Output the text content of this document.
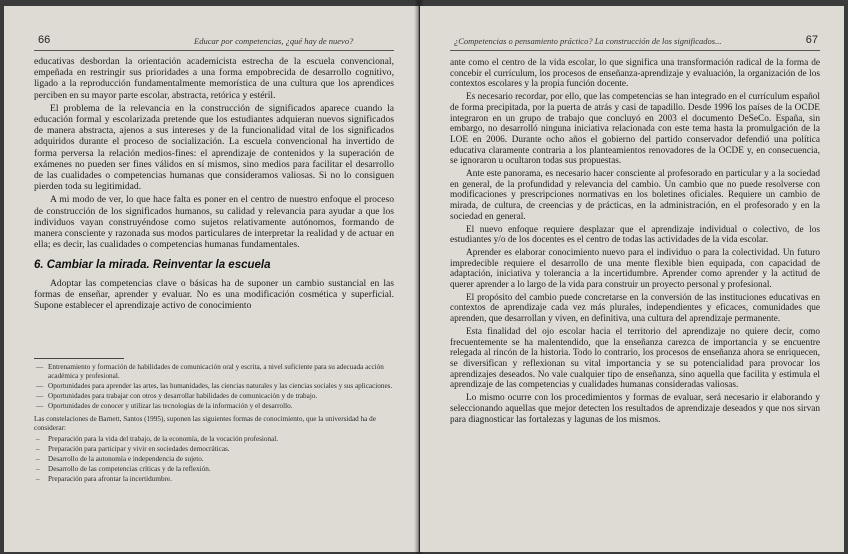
66	Educar por competencias, ¿qué hay de nuevo?

educativas desbordan la orientación academicista estrecha de la escuela convencional, empeñada en restringir sus prioridades a una forma empobrecida de desarrollo cognitivo, ligado a la reproducción fundamentalmente memorística de una cultura que los aprendices perciben en su mayor parte escolar, abstracta, retórica y estéril.

El problema de la relevancia en la construcción de significados aparece cuando la educación formal y escolarizada pretende que los estudiantes adquieran nuevos significados de manera abstracta, ajenos a sus intereses y de la funcionalidad vital de los significados adquiridos durante el proceso de socialización. La escuela convencional ha invertido de forma perversa la relación medios-fines: el aprendizaje de contenidos y la superación de exámenes no pueden ser fines válidos en sí mismos, sino medios para facilitar el desarrollo de las cualidades o competencias humanas que consideramos valiosas. Si no lo consiguen pierden toda su legitimidad.

A mi modo de ver, lo que hace falta es poner en el centro de nuestro enfoque el proceso de construcción de los significados humanos, su calidad y relevancia para ayudar a que los individuos vayan construyéndose como sujetos relativamente autónomos, formando de manera consciente y razonada sus modos particulares de interpretar la realidad y de actuar en ella; es decir, las cualidades o competencias humanas fundamentales.

6. Cambiar la mirada. Reinventar la escuela

Adoptar las competencias clave o básicas ha de suponer un cambio sustancial en las formas de enseñar, aprender y evaluar. No es una modificación cosmética y superficial. Supone establecer el aprendizaje activo de conocimiento

— Entrenamiento y formación de habilidades de comunicación oral y escrita, a nivel suficiente para su adecuada acción académica y profesional.
— Oportunidades para aprender las artes, las humanidades, las ciencias naturales y las ciencias sociales y sus aplicaciones.
— Oportunidades para trabajar con otros y desarrollar habilidades de comunicación y de trabajo.
— Oportunidades de conocer y utilizar las tecnologías de la información y el desarrollo.

Las constelaciones de Barnett, Santos (1995), suponen las siguientes formas de conocimiento, que la universidad ha de considerar:

– Preparación para la vida del trabajo, de la economía, de la vocación profesional.
– Preparación para participar y vivir en sociedades democráticas.
– Desarrollo de la autonomía e independencia de sujeto.
– Desarrollo de las competencias críticas y de la reflexión.
– Preparación para afrontar la incertidumbre.
¿Competencias o pensamiento práctico? La construcción de los significados...	67

ante como el centro de la vida escolar, lo que significa una transformación radical de la forma de concebir el currículum, los procesos de enseñanza-aprendizaje y evaluación, la organización de los contextos escolares y la propia función docente.

Es necesario recordar, por ello, que las competencias se han integrado en el currículum español de forma precipitada, por la puerta de atrás y casi de tapadillo. Desde 1996 los países de la OCDE integraron en un grupo de trabajo que concluyó en 2003 el documento DeSeCo. España, sin embargo, no desarrolló ninguna iniciativa relacionada con este tema hasta la promulgación de la LOE en 2006. Durante ocho años el gobierno del partido conservador defendió una política educativa claramente contraria a los planteamientos renovadores de la OCDE y, en consecuencia, se ignoraron u ocultaron todas sus propuestas.

Ante este panorama, es necesario hacer consciente al profesorado en particular y a la sociedad en general, de la profundidad y relevancia del cambio. Un cambio que no puede resolverse con modificaciones y prescripciones normativas en los boletines oficiales. Requiere un cambio de mirada, de cultura, de creencias y de prácticas, en la administración, en el profesorado y en la sociedad en general.

El nuevo enfoque requiere desplazar que el aprendizaje individual o colectivo, de los estudiantes y/o de los docentes es el centro de todas las actividades de la vida escolar.

Aprender es elaborar conocimiento nuevo para el individuo o para la colectividad. Un futuro impredecible requiere el desarrollo de una mente flexible bien equipada, con capacidad de adaptación, iniciativa y tolerancia a la incertidumbre. Aprender como aprender y la actitud de querer aprender a lo largo de la vida para construir un proyecto personal y profesional.

El propósito del cambio puede concretarse en la conversión de las instituciones educativas en contextos de aprendizaje cada vez más plurales, independientes y eficaces, comunidades que aprenden, que desarrollan y viven, en definitiva, una cultura del aprendizaje permanente.

Esta finalidad del ojo escolar hacia el territorio del aprendizaje no quiere decir, como frecuentemente se ha malentendido, que la enseñanza carezca de importancia y se encuentre relegada al rincón de la historia. Todo lo contrario, los procesos de enseñanza ahora se enriquecen, se diversifican y reflexionan su vital importancia y se su potencialidad para provocar los aprendizajes deseados. No vale cualquier tipo de enseñanza, sino aquella que facilita y estimula el aprendizaje de las competencias y cualidades humanas consideradas valiosas.

Lo mismo ocurre con los procedimientos y formas de evaluar, será necesario ir elaborando y seleccionando aquellas que mejor detecten los resultados de aprendizaje deseados y que nos sirvan para diagnosticar las fortalezas y lagunas de los mismos.
